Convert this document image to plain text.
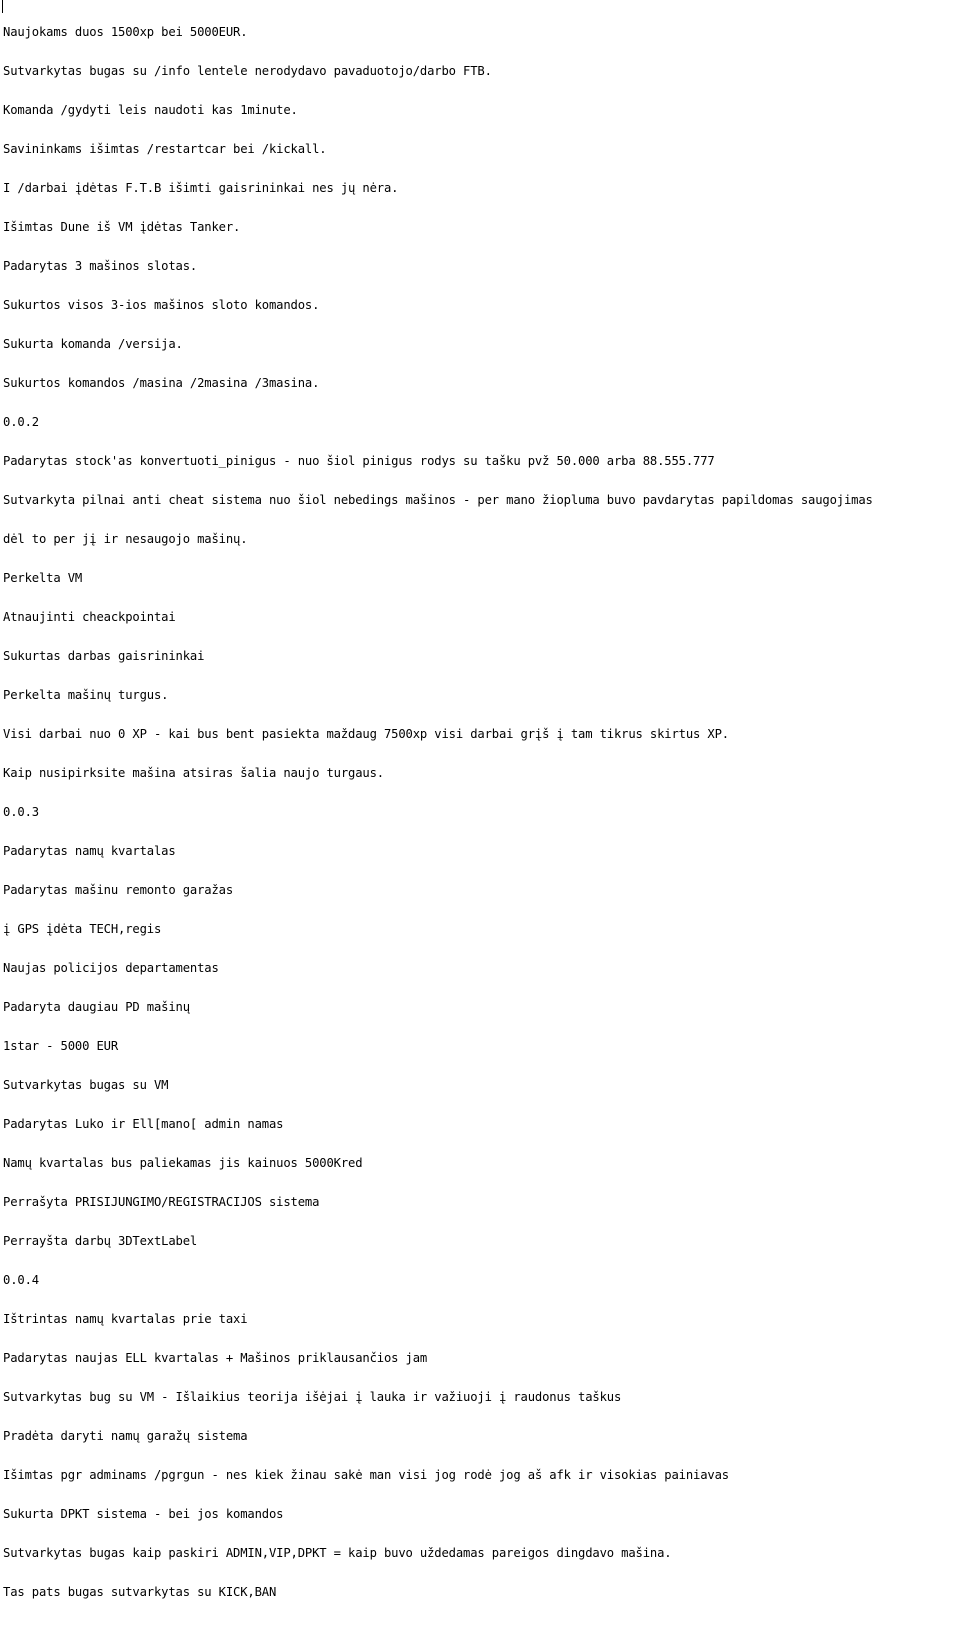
Naujokams duos 1500xp bei 5000EUR.

Sutvarkytas bugas su /info lentele nerodydavo pavaduotojo/darbo FTB.

Komanda /gydyti leis naudoti kas 1minute.

Savininkams išimtas /restartcar bei /kickall.

I /darbai įdėtas F.T.B išimti gaisrininkai nes jų nėra.

Išimtas Dune iš VM įdėtas Tanker.

Padarytas 3 mašinos slotas.

Sukurtos visos 3-ios mašinos sloto komandos.

Sukurta komanda /versija.

Sukurtos komandos /masina /2masina /3masina.

0.0.2

Padarytas stock'as konvertuoti_pinigus - nuo šiol pinigus rodys su tašku pvž 50.000 arba 88.555.777

Sutvarkyta pilnai anti cheat sistema nuo šiol nebedings mašinos - per mano žiopluma buvo pavdarytas papildomas saugojimas

dėl to per jį ir nesaugojo mašinų.

Perkelta VM

Atnaujinti cheackpointai

Sukurtas darbas gaisrininkai

Perkelta mašinų turgus.

Visi darbai nuo 0 XP - kai bus bent pasiekta maždaug 7500xp visi darbai grįš į tam tikrus skirtus XP.

Kaip nusipirksite mašina atsiras šalia naujo turgaus.

0.0.3

Padarytas namų kvartalas

Padarytas mašinu remonto garažas

į GPS įdėta TECH,regis

Naujas policijos departamentas

Padaryta daugiau PD mašinų

1star - 5000 EUR

Sutvarkytas bugas su VM

Padarytas Luko ir Ell[mano[ admin namas

Namų kvartalas bus paliekamas jis kainuos 5000Kred

Perrašyta PRISIJUNGIMO/REGISTRACIJOS sistema

Perrayšta darbų 3DTextLabel

0.0.4

Ištrintas namų kvartalas prie taxi

Padarytas naujas ELL kvartalas + Mašinos priklausančios jam

Sutvarkytas bug su VM - Išlaikius teorija išėjai į lauka ir važiuoji į raudonus taškus

Pradėta daryti namų garažų sistema

Išimtas pgr adminams /pgrgun - nes kiek žinau sakė man visi jog rodė jog aš afk ir visokias painiavas

Sukurta DPKT sistema - bei jos komandos

Sutvarkytas bugas kaip paskiri ADMIN,VIP,DPKT = kaip buvo uždedamas pareigos dingdavo mašina.

Tas pats bugas sutvarkytas su KICK,BAN
